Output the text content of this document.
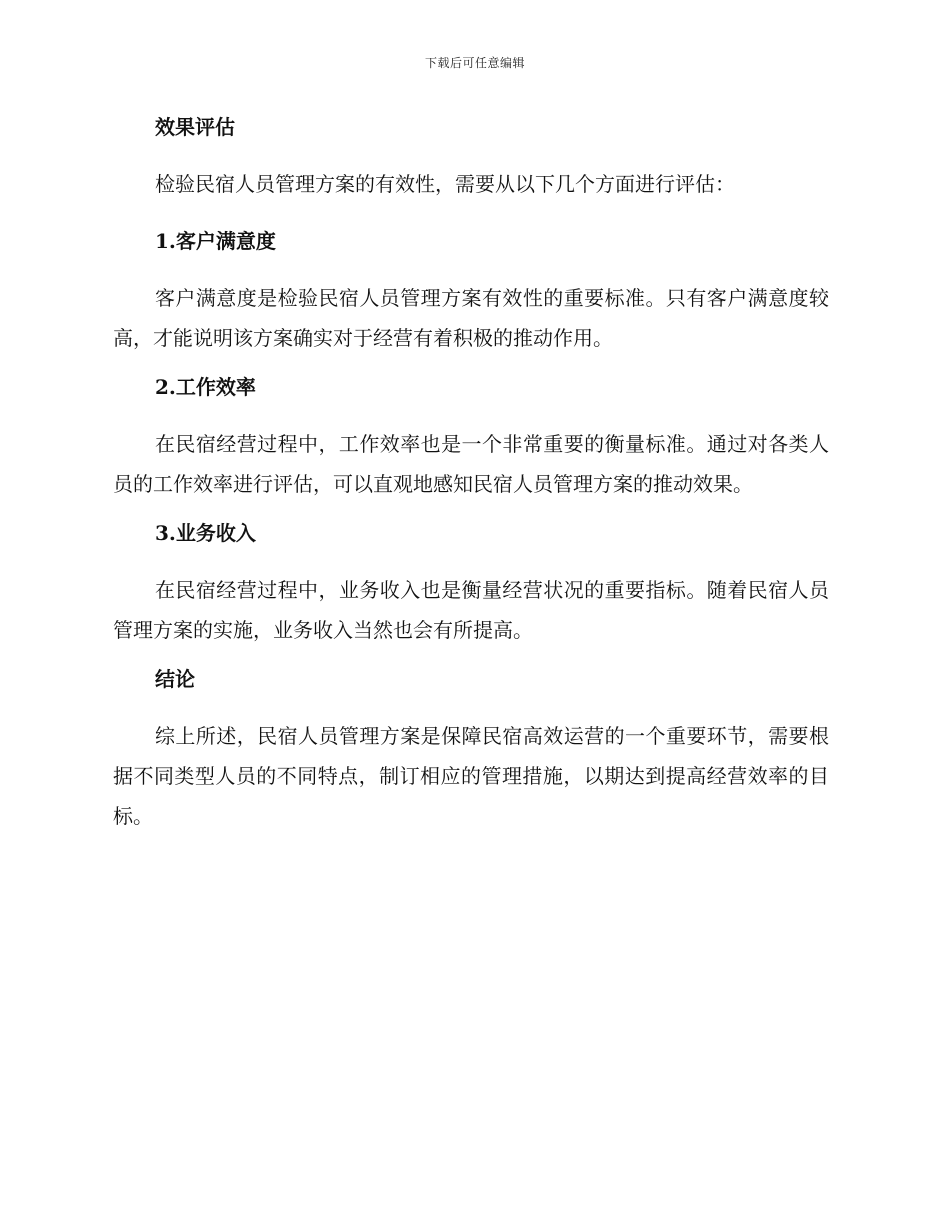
下载后可任意编辑
效果评估

检验民宿人员管理方案的有效性，需要从以下几个方面进行评估：

1.客户满意度

客户满意度是检验民宿人员管理方案有效性的重要标准。只有客户满意度较高，才能说明该方案确实对于经营有着积极的推动作用。

2.工作效率

在民宿经营过程中，工作效率也是一个非常重要的衡量标准。通过对各类人员的工作效率进行评估，可以直观地感知民宿人员管理方案的推动效果。

3.业务收入

在民宿经营过程中，业务收入也是衡量经营状况的重要指标。随着民宿人员管理方案的实施，业务收入当然也会有所提高。

结论

综上所述，民宿人员管理方案是保障民宿高效运营的一个重要环节，需要根据不同类型人员的不同特点，制订相应的管理措施，以期达到提高经营效率的目标。
